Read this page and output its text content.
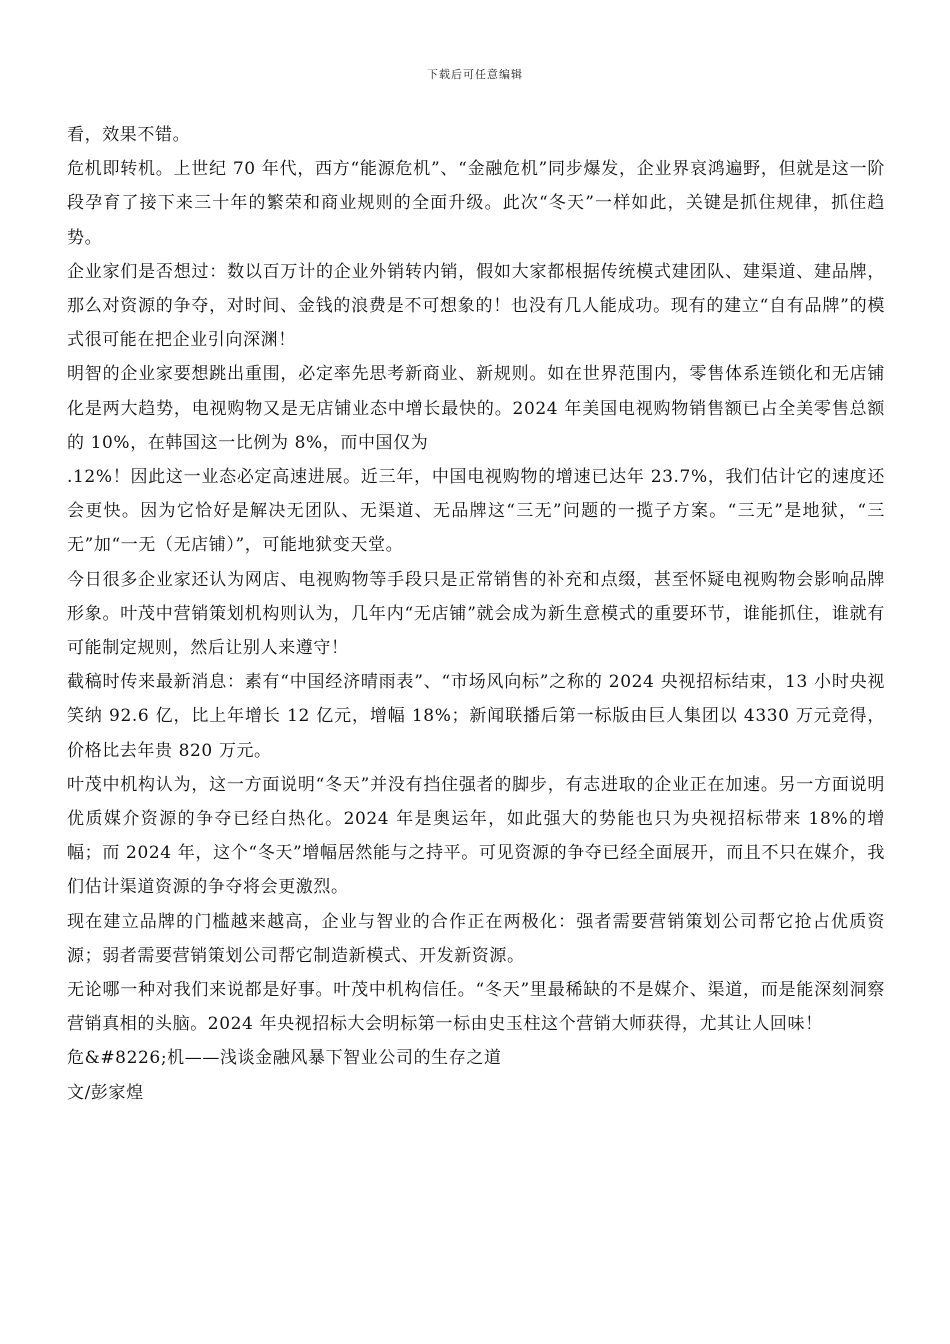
下载后可任意编辑

看，效果不错。

危机即转机。上世纪 70 年代，西方“能源危机”、“金融危机”同步爆发，企业界哀鸿遍野，但就是这一阶段孕育了接下来三十年的繁荣和商业规则的全面升级。此次“冬天”一样如此，关键是抓住规律，抓住趋势。

企业家们是否想过：数以百万计的企业外销转内销，假如大家都根据传统模式建团队、建渠道、建品牌，那么对资源的争夺，对时间、金钱的浪费是不可想象的！也没有几人能成功。现有的建立“自有品牌”的模式很可能在把企业引向深渊！

明智的企业家要想跳出重围，必定率先思考新商业、新规则。如在世界范围内，零售体系连锁化和无店铺化是两大趋势，电视购物又是无店铺业态中增长最快的。2024 年美国电视购物销售额已占全美零售总额的 10%，在韩国这一比例为 8%，而中国仅为

.12%！因此这一业态必定高速进展。近三年，中国电视购物的增速已达年 23.7%，我们估计它的速度还会更快。因为它恰好是解决无团队、无渠道、无品牌这“三无”问题的一揽子方案。“三无”是地狱，“三无”加“一无（无店铺）”，可能地狱变天堂。

今日很多企业家还认为网店、电视购物等手段只是正常销售的补充和点缀，甚至怀疑电视购物会影响品牌形象。叶茂中营销策划机构则认为，几年内“无店铺”就会成为新生意模式的重要环节，谁能抓住，谁就有可能制定规则，然后让别人来遵守！

截稿时传来最新消息：素有“中国经济晴雨表”、“市场风向标”之称的 2024 央视招标结束，13 小时央视笑纳 92.6 亿，比上年增长 12 亿元，增幅 18%；新闻联播后第一标版由巨人集团以 4330 万元竞得，价格比去年贵 820 万元。

叶茂中机构认为，这一方面说明“冬天”并没有挡住强者的脚步，有志进取的企业正在加速。另一方面说明优质媒介资源的争夺已经白热化。2024 年是奥运年，如此强大的势能也只为央视招标带来 18%的增幅；而 2024 年，这个“冬天”增幅居然能与之持平。可见资源的争夺已经全面展开，而且不只在媒介，我们估计渠道资源的争夺将会更激烈。

现在建立品牌的门槛越来越高，企业与智业的合作正在两极化：强者需要营销策划公司帮它抢占优质资源；弱者需要营销策划公司帮它制造新模式、开发新资源。

无论哪一种对我们来说都是好事。叶茂中机构信任。“冬天”里最稀缺的不是媒介、渠道，而是能深刻洞察营销真相的头脑。2024 年央视招标大会明标第一标由史玉柱这个营销大师获得，尤其让人回味！

危&#8226;机——浅谈金融风暴下智业公司的生存之道

文/彭家煌
